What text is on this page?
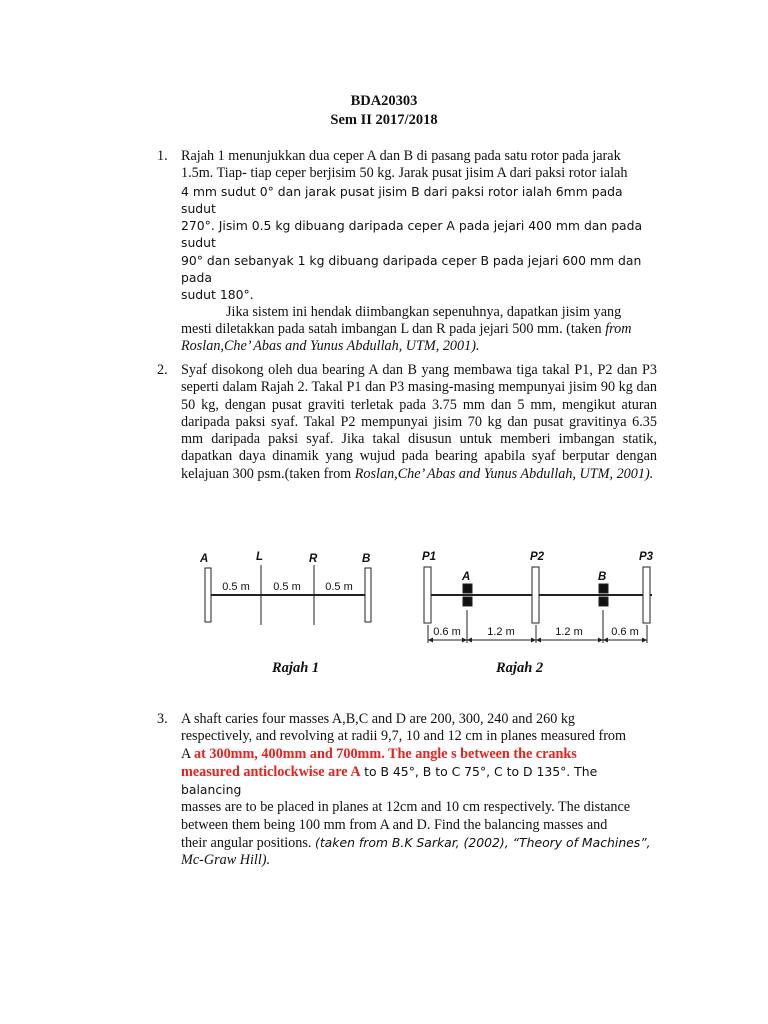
BDA20303
Sem II 2017/2018
1. Rajah 1 menunjukkan dua ceper A dan B di pasang pada satu rotor pada jarak
1.5m. Tiap- tiap ceper berjisim 50 kg. Jarak pusat jisim A dari paksi rotor ialah
4 mm sudut 0° dan jarak pusat jisim B dari paksi rotor ialah 6mm pada sudut
270°. Jisim 0.5 kg dibuang daripada ceper A pada jejari 400 mm dan pada sudut
90° dan sebanyak 1 kg dibuang daripada ceper B pada jejari 600 mm dan pada
sudut 180°.
Jika sistem ini hendak diimbangkan sepenuhnya, dapatkan jisim yang
mesti diletakkan pada satah imbangan L dan R pada jejari 500 mm. (taken from
Roslan,Che’ Abas and Yunus Abdullah, UTM, 2001).
2. Syaf disokong oleh dua bearing A dan B yang membawa tiga takal P1, P2 dan P3 seperti dalam Rajah 2. Takal P1 dan P3 masing-masing mempunyai jisim 90 kg dan 50 kg, dengan pusat graviti terletak pada 3.75 mm dan 5 mm, mengikut aturan daripada paksi syaf. Takal P2 mempunyai jisim 70 kg dan pusat gravitinya 6.35 mm daripada paksi syaf. Jika takal disusun untuk memberi imbangan statik, dapatkan daya dinamik yang wujud pada bearing apabila syaf berputar dengan kelajuan 300 psm.(taken from Roslan,Che’ Abas and Yunus Abdullah, UTM, 2001).
A	L	R	B	P1	P2	P3
A	B
0.5 m 0.5 m 0.5 m
0.6 m 1.2 m	1.2 m	0.6 m
Rajah 1	Rajah 2
3. A shaft caries four masses A,B,C and D are 200, 300, 240 and 260 kg
respectively, and revolving at radii 9,7, 10 and 12 cm in planes measured from
A at 300mm, 400mm and 700mm. The angle s between the cranks
measured anticlockwise are A to B 45°, B to C 75°, C to D 135°. The balancing
masses are to be placed in planes at 12cm and 10 cm respectively. The distance
between them being 100 mm from A and D. Find the balancing masses and
their angular positions. (taken from B.K Sarkar, (2002), “Theory of Machines”,
Mc-Graw Hill).
